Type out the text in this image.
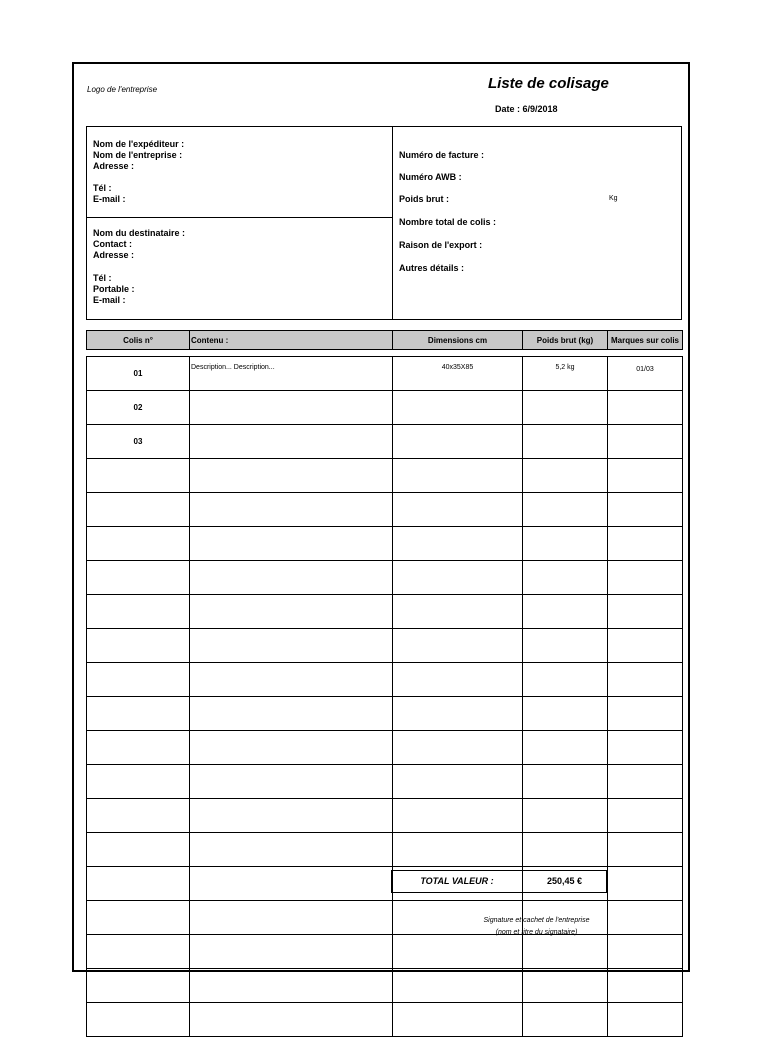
Logo de l'entreprise	Liste de colisage
Date : 6/9/2018
Nom de l'expéditeur :
Nom de l'entreprise :
Adresse :
Tél :
E-mail :
Nom du destinataire :
Contact :
Adresse :
Tél :
Portable :
E-mail :
Numéro de facture :
Numéro AWB :
Poids brut :	Kg
Nombre total de colis :
Raison de l'export :
Autres détails :
Colis n°	Contenu :	Dimensions cm	Poids brut (kg)	Marques sur colis
01	Description... Description...	40x35X85	5,2 kg	01/03
02				
03				

TOTAL VALEUR :	250,45 €
Signature et cachet de l'entreprise
(nom et titre du signataire)
